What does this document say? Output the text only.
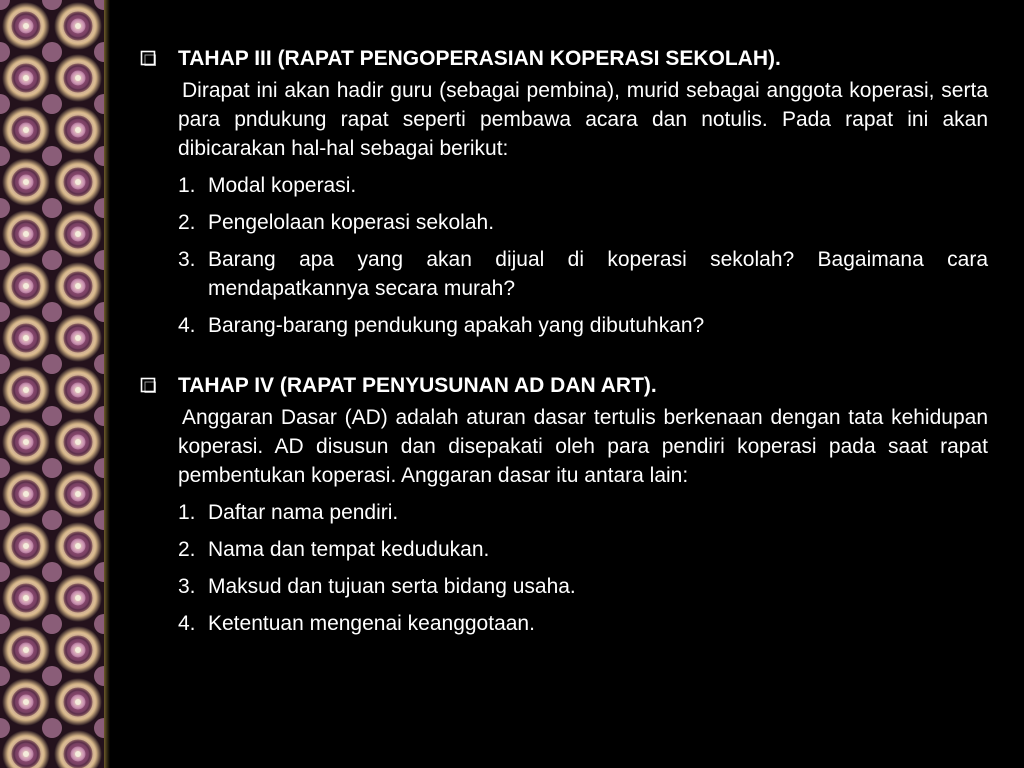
TAHAP III (RAPAT PENGOPERASIAN KOPERASI SEKOLAH).

Dirapat ini akan hadir guru (sebagai pembina), murid sebagai anggota koperasi, serta para pndukung rapat seperti pembawa acara dan notulis. Pada rapat ini akan dibicarakan hal-hal sebagai berikut:

1. Modal koperasi.
2. Pengelolaan koperasi sekolah.
3. Barang apa yang akan dijual di koperasi sekolah? Bagaimana cara mendapatkannya secara murah?
4. Barang-barang pendukung apakah yang dibutuhkan?
TAHAP IV (RAPAT PENYUSUNAN AD DAN ART).

Anggaran Dasar (AD) adalah aturan dasar tertulis berkenaan dengan tata kehidupan koperasi. AD disusun dan disepakati oleh para pendiri koperasi pada saat rapat pembentukan koperasi. Anggaran dasar itu antara lain:

1. Daftar nama pendiri.
2. Nama dan tempat kedudukan.
3. Maksud dan tujuan serta bidang usaha.
4. Ketentuan mengenai keanggotaan.
